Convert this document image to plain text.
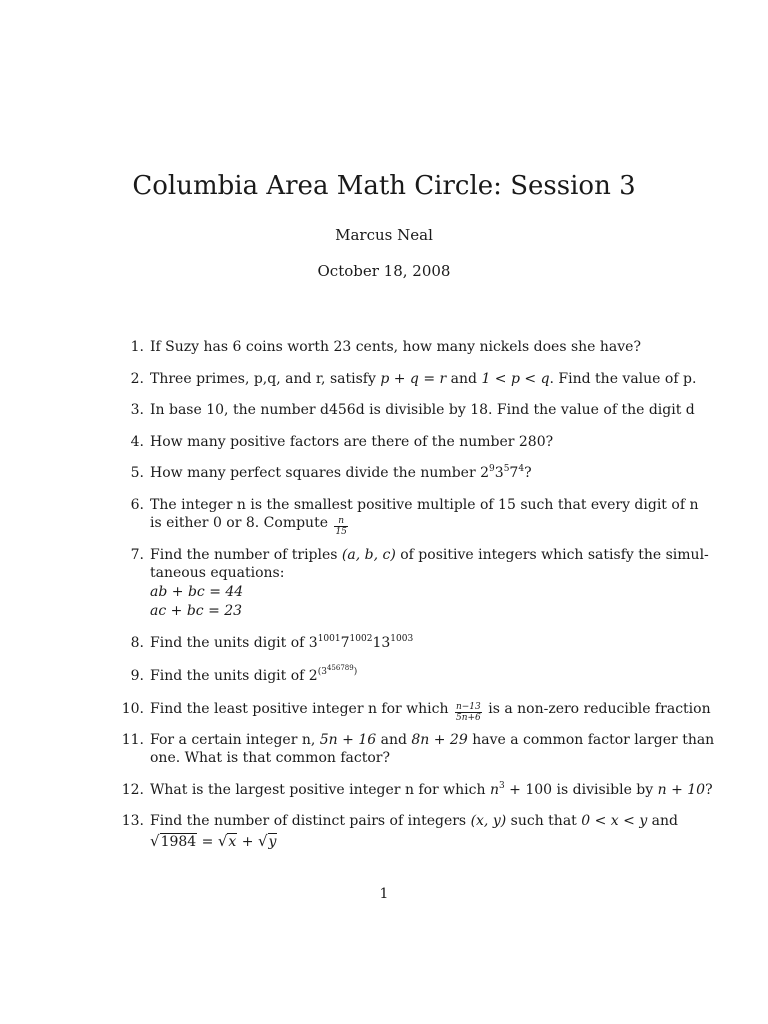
Columbia Area Math Circle: Session 3
Marcus Neal
October 18, 2008
1. If Suzy has 6 coins worth 23 cents, how many nickels does she have?
2. Three primes, p,q, and r, satisfy p + q = r and 1 < p < q. Find the value of p.
3. In base 10, the number d456d is divisible by 18. Find the value of the digit d
4. How many positive factors are there of the number 280?
5. How many perfect squares divide the number $2^93^57^4$?
6. The integer n is the smallest positive multiple of 15 such that every digit of n
is either 0 or 8. Compute $\frac{n}{15}$
7. Find the number of triples (a, b, c) of positive integers which satisfy the simul-
taneous equations:
ab + bc = 44
ac + bc = 23
8. Find the units digit of $3^{1001}7^{1002}13^{1003}$
9. Find the units digit of $2^{(3^{456789})}$
10. Find the least positive integer n for which $\frac{n-13}{5n+6}$ is a non-zero reducible fraction
11. For a certain integer n, 5n + 16 and 8n + 29 have a common factor larger than
one. What is that common factor?
12. What is the largest positive integer n for which $n^3 + 100$ is divisible by n + 10?
13. Find the number of distinct pairs of integers (x, y) such that 0 < x < y and
√1984 = √x + √y
1
